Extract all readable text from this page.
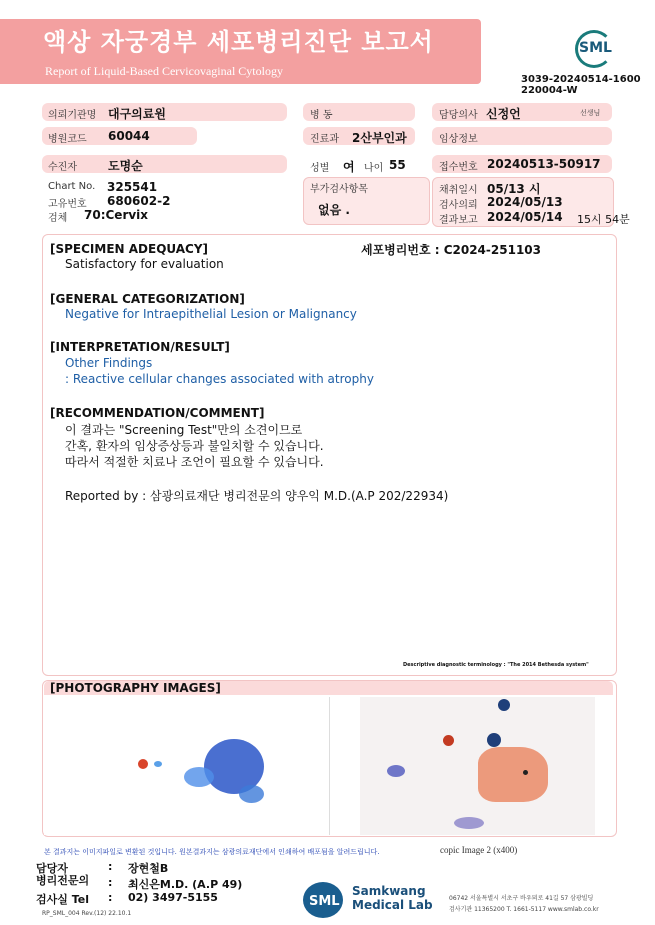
액상 자궁경부 세포병리진단 보고서
Report of Liquid-Based Cervicovaginal Cytology
SML
3039-20240514-1600
220004-W
의뢰기관명 대구의료원
병원코드 60044
수진자	도명순
Chart No. 325541
고유번호 680602-2
검체 70:Cervix
병 동
진료과 2산부인과
성별 여 나이 55
부가검사항목
없음 .
담당의사 신정언	선생님
임상정보
접수번호 20240513-50917
채취일시 05/13 시
검사의뢰 2024/05/13
결과보고 2024/05/14 15시 54분
[SPECIMEN ADEQUACY]	세포병리번호 : C2024-251103
Satisfactory for evaluation
[GENERAL CATEGORIZATION]
Negative for Intraepithelial Lesion or Malignancy
[INTERPRETATION/RESULT]
Other Findings
: Reactive cellular changes associated with atrophy
[RECOMMENDATION/COMMENT]
이 결과는 "Screening Test"만의 소견이므로
간혹, 환자의 임상증상등과 불일치할 수 있습니다.
따라서 적절한 치료나 조언이 필요할 수 있습니다.
Reported by : 삼광의료재단 병리전문의 양우익 M.D.(A.P 202/22934)
Descriptive diagnostic terminology : "The 2014 Bethesda system"
[PHOTOGRAPHY IMAGES]
copic Image 2 (x400)
본 결과지는 이미지파일로 변환된 것입니다. 원본결과지는 삼광의료재단에서 인쇄하여 배포됨을 알려드립니다.
담당자	: 장현철B
병리전문의 : 최신은M.D. (A.P 49)
검사실 Tel : 02) 3497-5155
RP_SML_004 Rev.(12) 22.10.1
SML
Samkwang
Medical Lab	06742 서울특별시 서초구 바우뫼로 41길 57 삼광빌딩
검사기관 11365200 T. 1661-5117 www.smlab.co.kr
